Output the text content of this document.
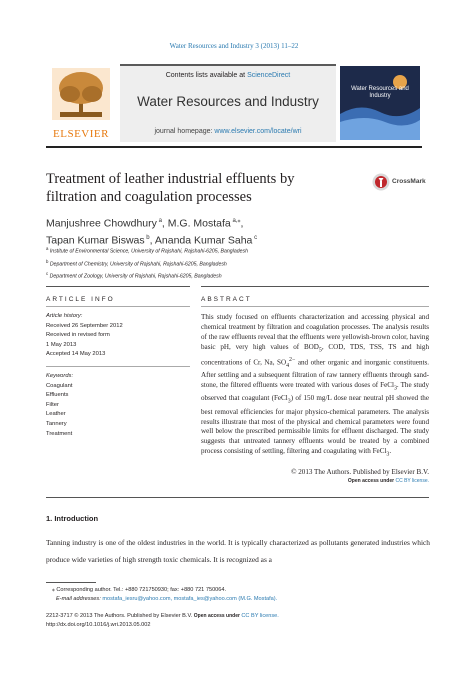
Water Resources and Industry 3 (2013) 11–22
ELSEVIER
Contents lists available at ScienceDirect
Water Resources and Industry
journal homepage: www.elsevier.com/locate/wri
Water Resources and Industry
Treatment of leather industrial effluents by filtration and coagulation processes
CrossMark
Manjushree Chowdhury $^a$, M.G. Mostafa $^{a,⁎}$,
Tapan Kumar Biswas $^b$, Ananda Kumar Saha $^c$
$^a$ Institute of Environmental Science, University of Rajshahi, Rajshahi-6205, Bangladesh
$^b$ Department of Chemistry, University of Rajshahi, Rajshahi-6205, Bangladesh
$^c$ Department of Zoology, University of Rajshahi, Rajshahi-6205, Bangladesh
ARTICLE INFO	ABSTRACT
Article history:
Received 26 September 2012
Received in revised form
1 May 2013
Accepted 14 May 2013
Keywords:
Coagulant
Effluents
Filter
Leather
Tannery
Treatment
This study focused on effluents characterization and accessing physical and chemical treatment by filtration and coagulation processes. The analysis results of the raw effluents reveal that the effluents were yellowish-brown color, having basic pH, very high values of $BOD_5$, COD, TDS, TSS, TS and high concentrations of Cr, Na, $SO_4^{2-}$ and other organic and inorganic constituents. After settling and a subsequent filtration of raw tannery effluents through sand-stone, the filtered effluents were treated with various doses of FeCl$_3$. The study observed that coagulant (FeCl$_3$) of 150 mg/L dose near neutral pH showed the best removal efficiencies for major physico-chemical parameters. The analysis results illustrate that most of the physical and chemical parameters were found well below the prescribed permissible limits for effluent discharged. The study suggests that untreated tannery effluents would be treated by a combined process consisting of settling, filtering and coagulating with FeCl$_3$.
© 2013 The Authors. Published by Elsevier B.V.
Open access under CC BY license.
1. Introduction
Tanning industry is one of the oldest industries in the world. It is typically characterized as pollutants generated industries which produce wide varieties of high strength toxic chemicals. It is recognized as a
⁎ Corresponding author. Tel.: +880 721750930; fax: +880 721 750064.
E-mail addresses: mostafa_iesru@yahoo.com, mostafa_ies@yahoo.com (M.G. Mostafa).
2212-3717 © 2013 The Authors. Published by Elsevier B.V. Open access under CC BY license.
http://dx.doi.org/10.1016/j.wri.2013.05.002
